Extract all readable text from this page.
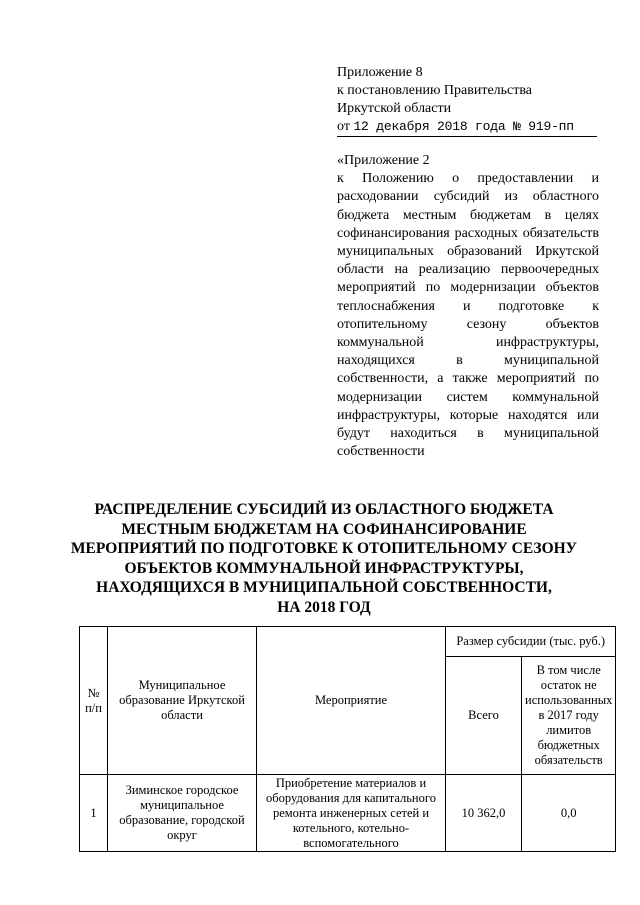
Приложение 8
к постановлению Правительства
Иркутской области
от 12 декабря 2018 года № 919-пп
«Приложение 2
к Положению о предоставлении и расходовании субсидий из областного бюджета местным бюджетам в целях софинансирования расходных обязательств муниципальных образований Иркутской области на реализацию первоочередных мероприятий по модернизации объектов теплоснабжения и подготовке к отопительному сезону объектов коммунальной инфраструктуры, находящихся в муниципальной собственности, а также мероприятий по модернизации систем коммунальной инфраструктуры, которые находятся или будут находиться в муниципальной собственности
РАСПРЕДЕЛЕНИЕ СУБСИДИЙ ИЗ ОБЛАСТНОГО БЮДЖЕТА
МЕСТНЫМ БЮДЖЕТАМ НА СОФИНАНСИРОВАНИЕ
МЕРОПРИЯТИЙ ПО ПОДГОТОВКЕ К ОТОПИТЕЛЬНОМУ СЕЗОНУ
ОБЪЕКТОВ КОММУНАЛЬНОЙ ИНФРАСТРУКТУРЫ,
НАХОДЯЩИХСЯ В МУНИЦИПАЛЬНОЙ СОБСТВЕННОСТИ,
НА 2018 ГОД
№ п/п	Муниципальное образование Иркутской области	Мероприятие	Размер субсидии (тыс. руб.)	
			Всего	В том числе остаток не использованных в 2017 году лимитов бюджетных обязательств
1	Зиминское городское муниципальное образование, городской округ	Приобретение материалов и оборудования для капитального ремонта инженерных сетей и котельного, котельно-вспомогательного	10 362,0	0,0
